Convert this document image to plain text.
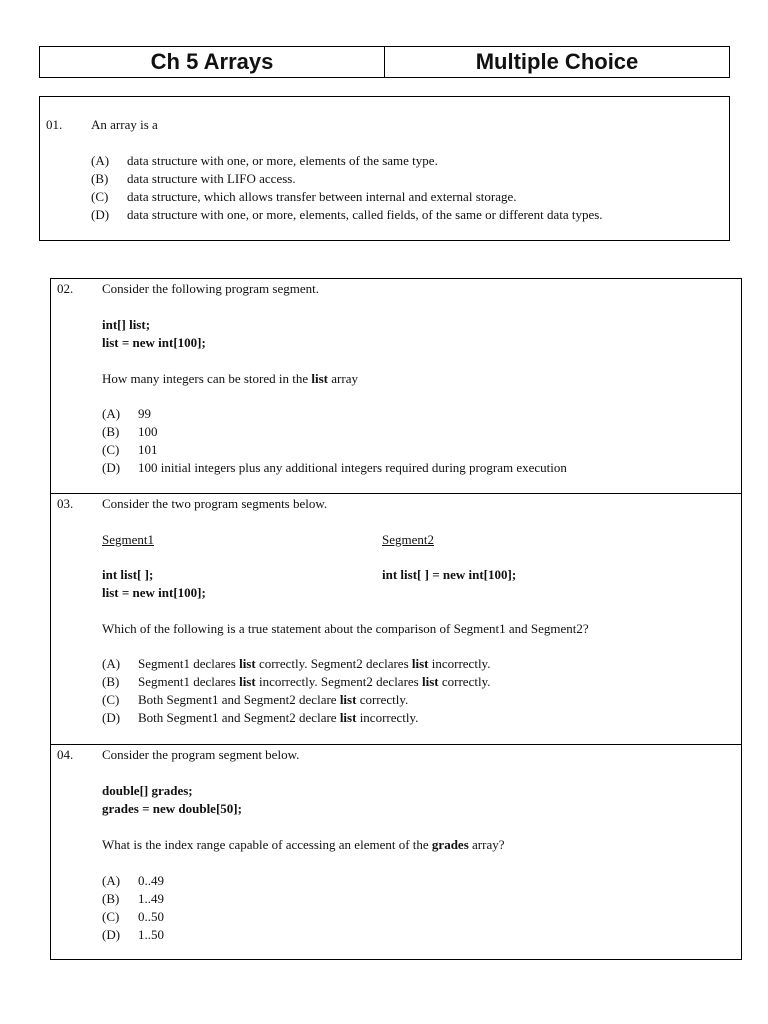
Ch 5 Arrays	Multiple Choice
01. An array is a
(A) data structure with one, or more, elements of the same type.
(B) data structure with LIFO access.
(C) data structure, which allows transfer between internal and external storage.
(D) data structure with one, or more, elements, called fields, of the same or different data types.
02. Consider the following program segment.
int[] list;
list = new int[100];
How many integers can be stored in the list array
(A) 99
(B) 100
(C) 101
(D) 100 initial integers plus any additional integers required during program execution
03. Consider the two program segments below.
Segment1	Segment2
int list[ ];
list = new int[100];
int list[ ] = new int[100];
Which of the following is a true statement about the comparison of Segment1 and Segment2?
(A) Segment1 declares list correctly. Segment2 declares list incorrectly.
(B) Segment1 declares list incorrectly. Segment2 declares list correctly.
(C) Both Segment1 and Segment2 declare list correctly.
(D) Both Segment1 and Segment2 declare list incorrectly.
04. Consider the program segment below.
double[] grades;
grades = new double[50];
What is the index range capable of accessing an element of the grades array?
(A) 0..49
(B) 1..49
(C) 0..50
(D) 1..50
